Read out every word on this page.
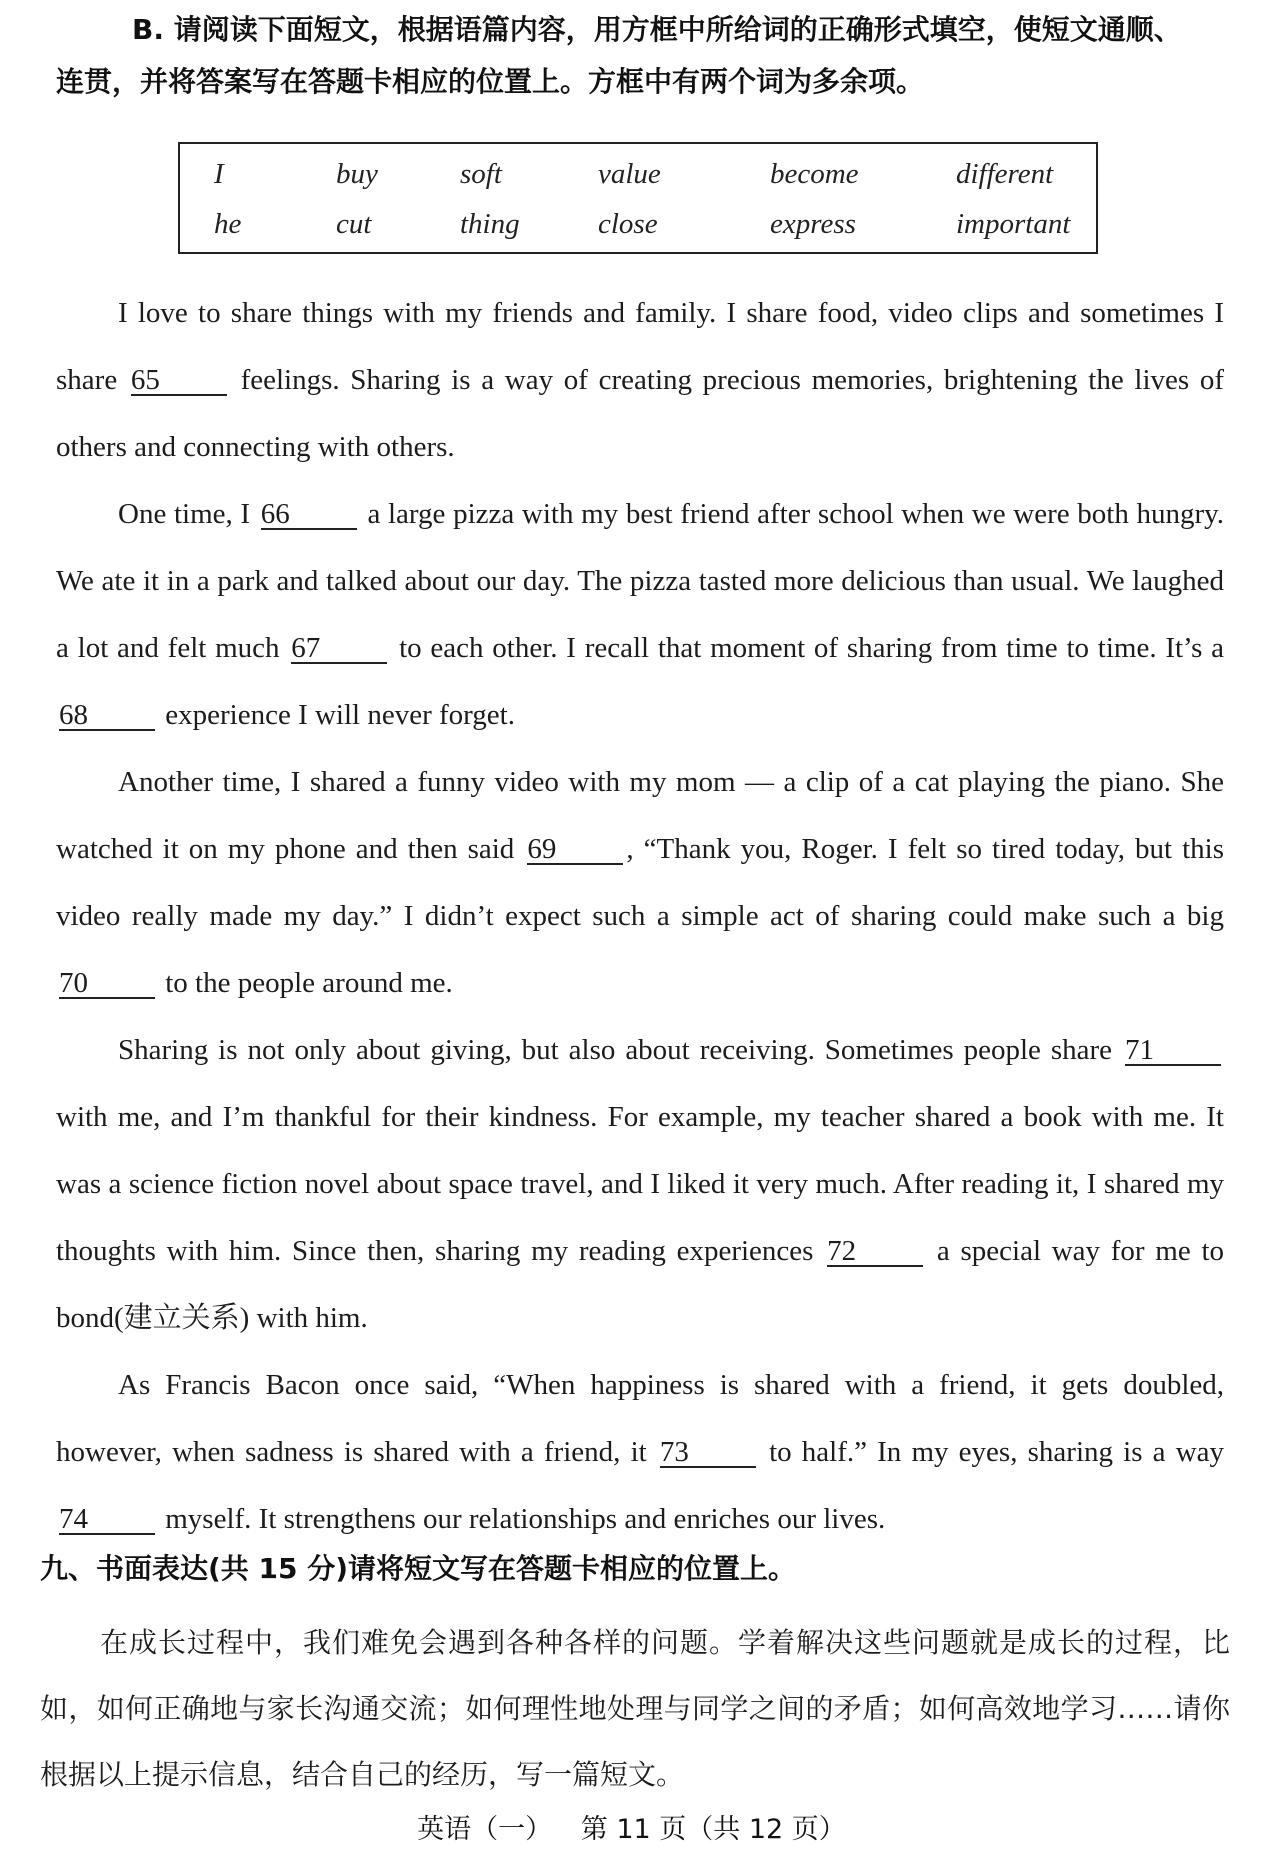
B. 请阅读下面短文，根据语篇内容，用方框中所给词的正确形式填空，使短文通顺、

连贯，并将答案写在答题卡相应的位置上。方框中有两个词为多余项。

I	buy	soft	value	become	different
he	cut	thing	close	express	important

I love to share things with my friends and family. I share food, video clips and sometimes I share 65	feelings. Sharing is a way of creating precious memories, brightening the lives of others and connecting with others.

One time, I 66	a large pizza with my best friend after school when we were both hungry. We ate it in a park and talked about our day. The pizza tasted more delicious than usual. We laughed a lot and felt much 67	to each other. I recall that moment of sharing from time to time. It’s a 68	experience I will never forget.

Another time, I shared a funny video with my mom — a clip of a cat playing the piano. She watched it on my phone and then said 69 , “Thank you, Roger. I felt so tired today, but this video really made my day.” I didn’t expect such a simple act of sharing could make such a big 70	to the people around me.

Sharing is not only about giving, but also about receiving. Sometimes people share 71 with me, and I’m thankful for their kindness. For example, my teacher shared a book with me. It was a science fiction novel about space travel, and I liked it very much. After reading it, I shared my thoughts with him. Since then, sharing my reading experiences 72	a special way for me to bond(建立关系) with him.

As Francis Bacon once said, “When happiness is shared with a friend, it gets doubled, however, when sadness is shared with a friend, it 73	to half.” In my eyes, sharing is a way 74	myself. It strengthens our relationships and enriches our lives.

九、书面表达(共 15 分)请将短文写在答题卡相应的位置上。

在成长过程中，我们难免会遇到各种各样的问题。学着解决这些问题就是成长的过程，比如，如何正确地与家长沟通交流；如何理性地处理与同学之间的矛盾；如何高效地学习……请你根据以上提示信息，结合自己的经历，写一篇短文。

英语（一） 第 11 页（共 12 页）
